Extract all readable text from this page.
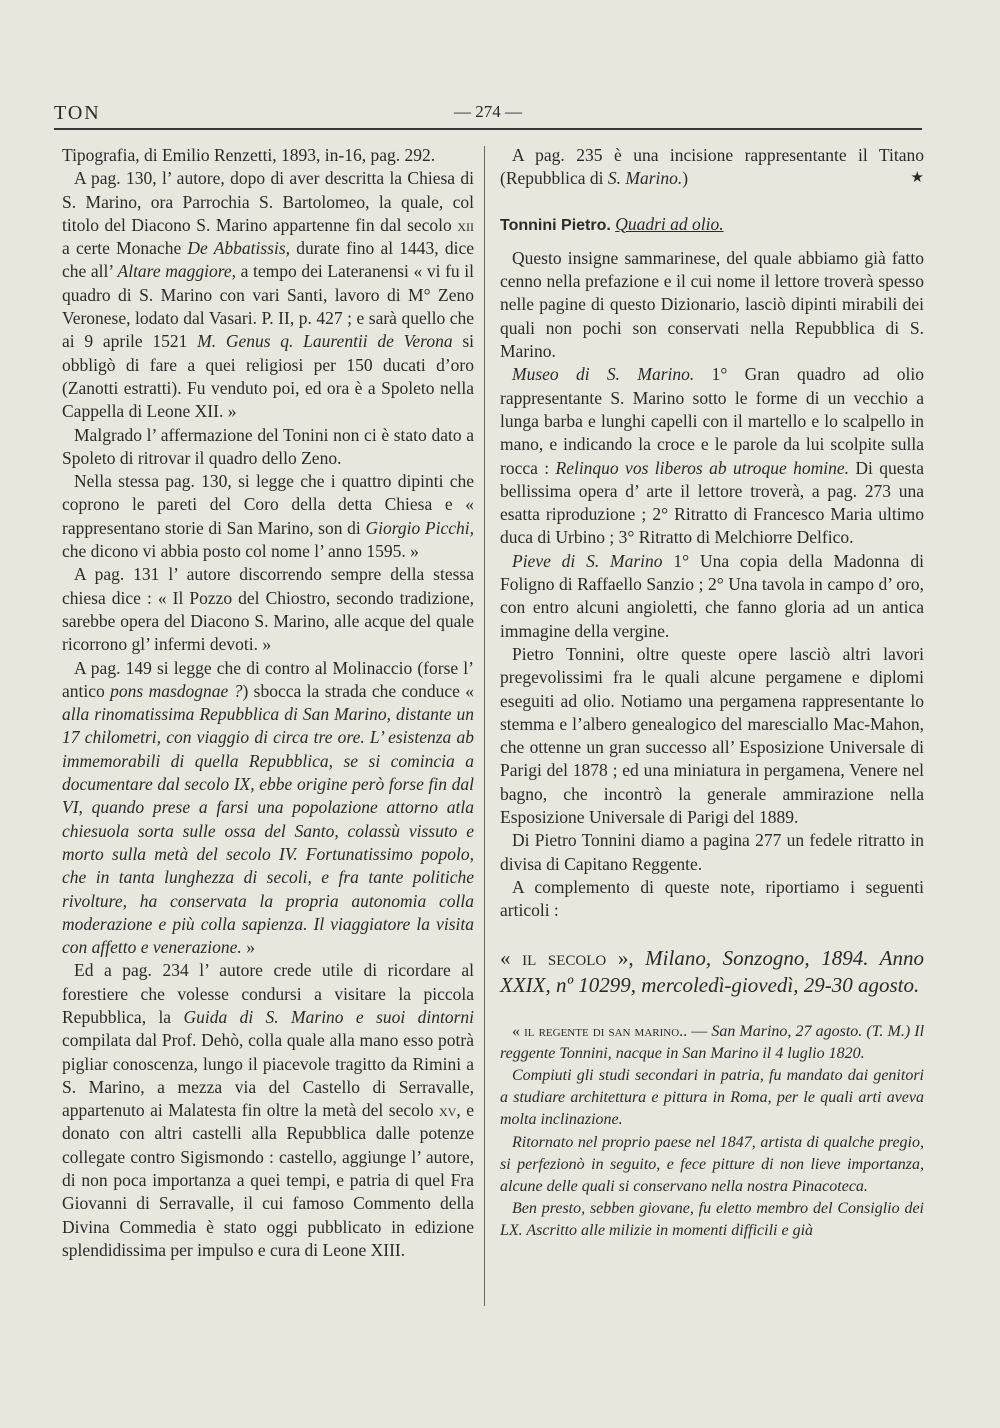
TON	— 274 —

Tipografia, di Emilio Renzetti, 1893, in-16, pag. 292.

A pag. 130, l’ autore, dopo di aver descritta la Chiesa di S. Marino, ora Parrochia S. Bartolomeo, la quale, col titolo del Diacono S. Marino appartenne fin dal secolo xii a certe Monache De Abbatissis, durate fino al 1443, dice che all’ Altare maggiore, a tempo dei Lateranensi « vi fu il quadro di S. Marino con vari Santi, lavoro di M° Zeno Veronese, lodato dal Vasari. P. II, p. 427 ; e sarà quello che ai 9 aprile 1521 M. Genus q. Laurentii de Verona si obbligò di fare a quei religiosi per 150 ducati d’oro (Zanotti estratti). Fu venduto poi, ed ora è a Spoleto nella Cappella di Leone XII. »

Malgrado l’ affermazione del Tonini non ci è stato dato a Spoleto di ritrovar il quadro dello Zeno.

Nella stessa pag. 130, si legge che i quattro dipinti che coprono le pareti del Coro della detta Chiesa e « rappresentano storie di San Marino, son di Giorgio Picchi, che dicono vi abbia posto col nome l’ anno 1595. »

A pag. 131 l’ autore discorrendo sempre della stessa chiesa dice : « Il Pozzo del Chiostro, secondo tradizione, sarebbe opera del Diacono S. Marino, alle acque del quale ricorrono gl’ infermi devoti. »

A pag. 149 si legge che di contro al Molinaccio (forse l’ antico pons masdognae ?) sbocca la strada che conduce « alla rinomatissima Repubblica di San Marino, distante un 17 chilometri, con viaggio di circa tre ore. L’ esistenza ab immemorabili di quella Repubblica, se si comincia a documentare dal secolo IX, ebbe origine però forse fin dal VI, quando prese a farsi una popolazione attorno atla chiesuola sorta sulle ossa del Santo, colassù vissuto e morto sulla metà del secolo IV. Fortunatissimo popolo, che in tanta lunghezza di secoli, e fra tante politiche rivolture, ha conservata la propria autonomia colla moderazione e più colla sapienza. Il viaggiatore la visita con affetto e venerazione. »

Ed a pag. 234 l’ autore crede utile di ricordare al forestiere che volesse condursi a visitare la piccola Repubblica, la Guida di S. Marino e suoi dintorni compilata dal Prof. Dehò, colla quale alla mano esso potrà pigliar conoscenza, lungo il piacevole tragitto da Rimini a S. Marino, a mezza via del Castello di Serravalle, appartenuto ai Malatesta fin oltre la metà del secolo xv, e donato con altri castelli alla Repubblica dalle potenze collegate contro Sigismondo : castello, aggiunge l’ autore, di non poca importanza a quei tempi, e patria di quel Fra Giovanni di Serravalle, il cui famoso Commento della Divina Commedia è stato oggi pubblicato in edizione splendidissima per impulso e cura di Leone XIII.

A pag. 235 è una incisione rappresentante il Titano (Repubblica di S. Marino.)	★

Tonnini Pietro. Quadri ad olio.

Questo insigne sammarinese, del quale abbiamo già fatto cenno nella prefazione e il cui nome il lettore troverà spesso nelle pagine di questo Dizionario, lasciò dipinti mirabili dei quali non pochi son conservati nella Repubblica di S. Marino.

Museo di S. Marino. 1° Gran quadro ad olio rappresentante S. Marino sotto le forme di un vecchio a lunga barba e lunghi capelli con il martello e lo scalpello in mano, e indicando la croce e le parole da lui scolpite sulla rocca : Relinquo vos liberos ab utroque homine. Di questa bellissima opera d’ arte il lettore troverà, a pag. 273 una esatta riproduzione ; 2° Ritratto di Francesco Maria ultimo duca di Urbino ; 3° Ritratto di Melchiorre Delfico.

Pieve di S. Marino 1° Una copia della Madonna di Foligno di Raffaello Sanzio ; 2° Una tavola in campo d’ oro, con entro alcuni angioletti, che fanno gloria ad un antica immagine della vergine.

Pietro Tonnini, oltre queste opere lasciò altri lavori pregevolissimi fra le quali alcune pergamene e diplomi eseguiti ad olio. Notiamo una pergamena rappresentante lo stemma e l’albero genealogico del maresciallo Mac-Mahon, che ottenne un gran successo all’ Esposizione Universale di Parigi del 1878 ; ed una miniatura in pergamena, Venere nel bagno, che incontrò la generale ammirazione nella Esposizione Universale di Parigi del 1889.

Di Pietro Tonnini diamo a pagina 277 un fedele ritratto in divisa di Capitano Reggente.

A complemento di queste note, riportiamo i seguenti articoli :

« il secolo », Milano, Sonzogno, 1894. Anno XXIX, nº 10299, mercoledì-giovedì, 29-30 agosto.

« il regente di san marino.. — San Marino, 27 agosto. (T. M.) Il reggente Tonnini, nacque in San Marino il 4 luglio 1820.

Compiuti gli studi secondari in patria, fu mandato dai genitori a studiare architettura e pittura in Roma, per le quali arti aveva molta inclinazione.

Ritornato nel proprio paese nel 1847, artista di qualche pregio, si perfezionò in seguito, e fece pitture di non lieve importanza, alcune delle quali si conservano nella nostra Pinacoteca.

Ben presto, sebben giovane, fu eletto membro del Consiglio dei LX. Ascritto alle milizie in momenti difficili e già
